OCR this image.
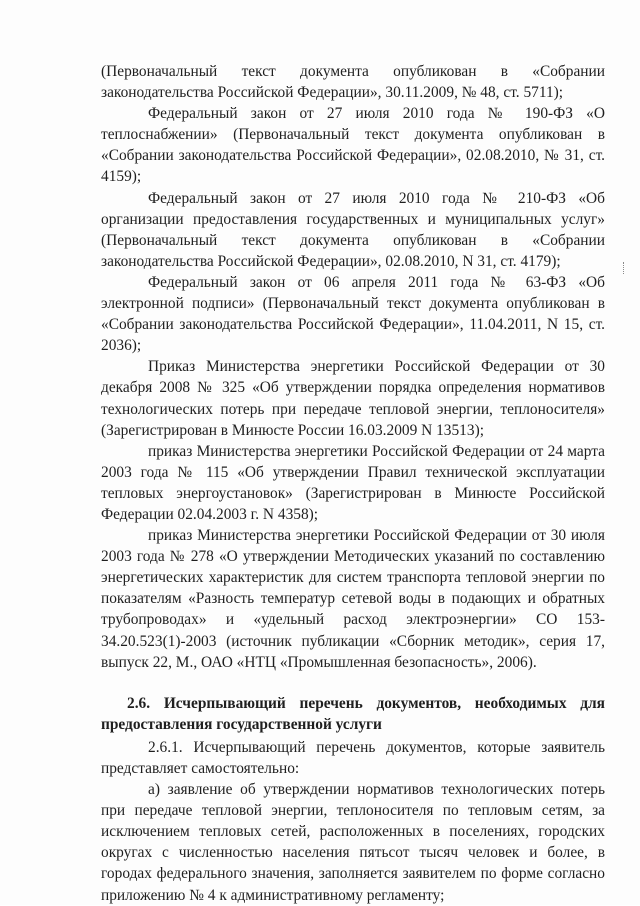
(Первоначальный текст документа опубликован в «Собрании законодательства Российской Федерации», 30.11.2009, № 48, ст. 5711);

Федеральный закон от 27 июля 2010 года № 190-ФЗ «О теплоснабжении» (Первоначальный текст документа опубликован в «Собрании законодательства Российской Федерации», 02.08.2010, № 31, ст. 4159);

Федеральный закон от 27 июля 2010 года № 210-ФЗ «Об организации предоставления государственных и муниципальных услуг» (Первоначальный текст документа опубликован в «Собрании законодательства Российской Федерации», 02.08.2010, N 31, ст. 4179);

Федеральный закон от 06 апреля 2011 года № 63-ФЗ «Об электронной подписи» (Первоначальный текст документа опубликован в «Собрании законодательства Российской Федерации», 11.04.2011, N 15, ст. 2036);

Приказ Министерства энергетики Российской Федерации от 30 декабря 2008 № 325 «Об утверждении порядка определения нормативов технологических потерь при передаче тепловой энергии, теплоносителя» (Зарегистрирован в Минюсте России 16.03.2009 N 13513);

приказ Министерства энергетики Российской Федерации от 24 марта 2003 года № 115 «Об утверждении Правил технической эксплуатации тепловых энергоустановок» (Зарегистрирован в Минюсте Российской Федерации 02.04.2003 г. N 4358);

приказ Министерства энергетики Российской Федерации от 30 июля 2003 года № 278 «О утверждении Методических указаний по составлению энергетических характеристик для систем транспорта тепловой энергии по показателям «Разность температур сетевой воды в подающих и обратных трубопроводах» и «удельный расход электроэнергии» СО 153-34.20.523(1)-2003 (источник публикации «Сборник методик», серия 17, выпуск 22, М., ОАО «НТЦ «Промышленная безопасность», 2006).

2.6. Исчерпывающий перечень документов, необходимых для предоставления государственной услуги

2.6.1. Исчерпывающий перечень документов, которые заявитель представляет самостоятельно:

а) заявление об утверждении нормативов технологических потерь при передаче тепловой энергии, теплоносителя по тепловым сетям, за исключением тепловых сетей, расположенных в поселениях, городских округах с численностью населения пятьсот тысяч человек и более, в городах федерального значения, заполняется заявителем по форме согласно приложению № 4 к административному регламенту;
